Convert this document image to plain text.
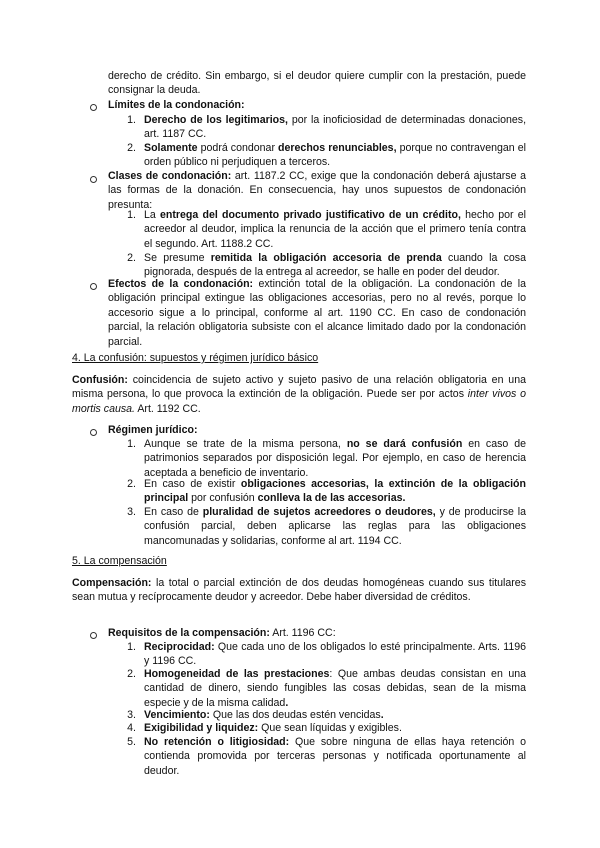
derecho de crédito. Sin embargo, si el deudor quiere cumplir con la prestación, puede consignar la deuda.
Límites de la condonación:
1. Derecho de los legitimarios, por la inoficiosidad de determinadas donaciones, art. 1187 CC.
2. Solamente podrá condonar derechos renunciables, porque no contravengan el orden público ni perjudiquen a terceros.
Clases de condonación: art. 1187.2 CC, exige que la condonación deberá ajustarse a las formas de la donación. En consecuencia, hay unos supuestos de condonación presunta:
1. La entrega del documento privado justificativo de un crédito, hecho por el acreedor al deudor, implica la renuncia de la acción que el primero tenía contra el segundo. Art. 1188.2 CC.
2. Se presume remitida la obligación accesoria de prenda cuando la cosa pignorada, después de la entrega al acreedor, se halle en poder del deudor.
Efectos de la condonación: extinción total de la obligación. La condonación de la obligación principal extingue las obligaciones accesorias, pero no al revés, porque lo accesorio sigue a lo principal, conforme al art. 1190 CC. En caso de condonación parcial, la relación obligatoria subsiste con el alcance limitado dado por la condonación parcial.
4. La confusión: supuestos y régimen jurídico básico
Confusión: coincidencia de sujeto activo y sujeto pasivo de una relación obligatoria en una misma persona, lo que provoca la extinción de la obligación. Puede ser por actos inter vivos o mortis causa. Art. 1192 CC.
Régimen jurídico:
1. Aunque se trate de la misma persona, no se dará confusión en caso de patrimonios separados por disposición legal. Por ejemplo, en caso de herencia aceptada a beneficio de inventario.
2. En caso de existir obligaciones accesorias, la extinción de la obligación principal por confusión conlleva la de las accesorias.
3. En caso de pluralidad de sujetos acreedores o deudores, y de producirse la confusión parcial, deben aplicarse las reglas para las obligaciones mancomunadas y solidarias, conforme al art. 1194 CC.
5. La compensación
Compensación: la total o parcial extinción de dos deudas homogéneas cuando sus titulares sean mutua y recíprocamente deudor y acreedor. Debe haber diversidad de créditos.
Requisitos de la compensación: Art. 1196 CC:
1. Reciprocidad: Que cada uno de los obligados lo esté principalmente. Arts. 1196 y 1196 CC.
2. Homogeneidad de las prestaciones: Que ambas deudas consistan en una cantidad de dinero, siendo fungibles las cosas debidas, sean de la misma especie y de la misma calidad.
3. Vencimiento: Que las dos deudas estén vencidas.
4. Exigibilidad y liquidez: Que sean líquidas y exigibles.
5. No retención o litigiosidad: Que sobre ninguna de ellas haya retención o contienda promovida por terceras personas y notificada oportunamente al deudor.
